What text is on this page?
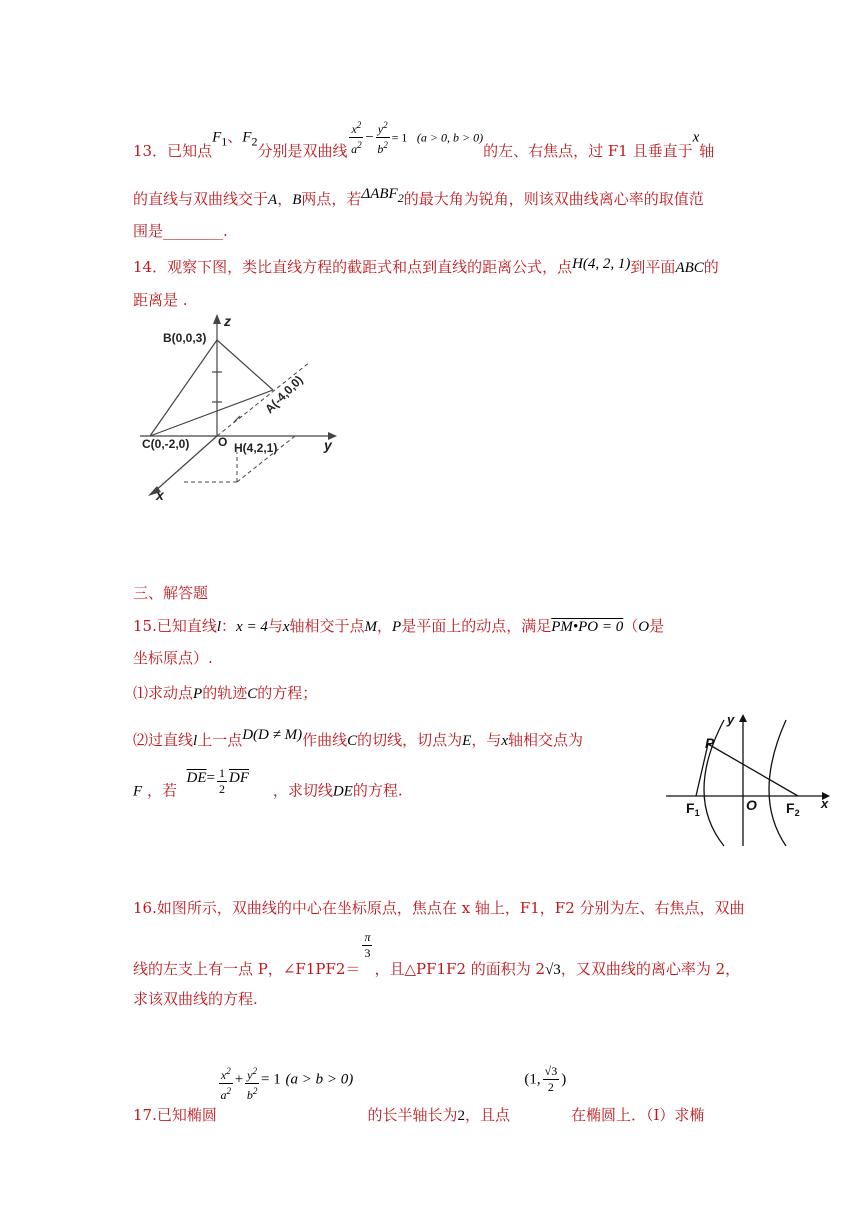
13．已知点$F_1$、$F_2$分别是双曲线 $\frac{x^2}{a^2} - \frac{y^2}{b^2} = 1$ (a > 0, b > 0)的左、右焦点，过 F1 且垂直于x轴
的直线与双曲线交于A，B两点，若$\Delta ABF_2$的最大角为锐角，则该双曲线离心率的取值范
围是________.
14．观察下图，类比直线方程的截距式和点到直线的距离公式，点H(4, 2, 1)到平面ABC的
距离是 .
z
y
x
O
B(0,0,3)
C(0,-2,0)	H(4,2,1)
A(-4,0,0)
三、解答题
15.已知直线l：x = 4与x轴相交于点M，P是平面上的动点，满足PM•PO = 0（O是
坐标原点）.
⑴求动点P的轨迹C的方程；
⑵过直线l上一点D(D ≠ M)作曲线C的切线，切点为E，与x轴相交点为
F ，若  $\overline{DE}= \frac{1}{2} \overline{DF}$     ，求切线DE的方程.
y
x
P
O
$F_1$	$F_2$
16.如图所示，双曲线的中心在坐标原点，焦点在 x 轴上，F1，F2 分别为左、右焦点，双曲
线的左支上有一点 P，∠F1PF2＝
$\frac{\pi}{3}$
，且△PF1F2 的面积为 2√3，又双曲线的离心率为 2，
求该双曲线的方程.
17.已知椭圆
$\frac{x^2}{a^2} + \frac{y^2}{b^2} = 1$ (a > b > 0)   的长半轴长为2，且点   (1, $\frac{√3}{2}$ ) 在椭圆上．（Ⅰ）求椭
